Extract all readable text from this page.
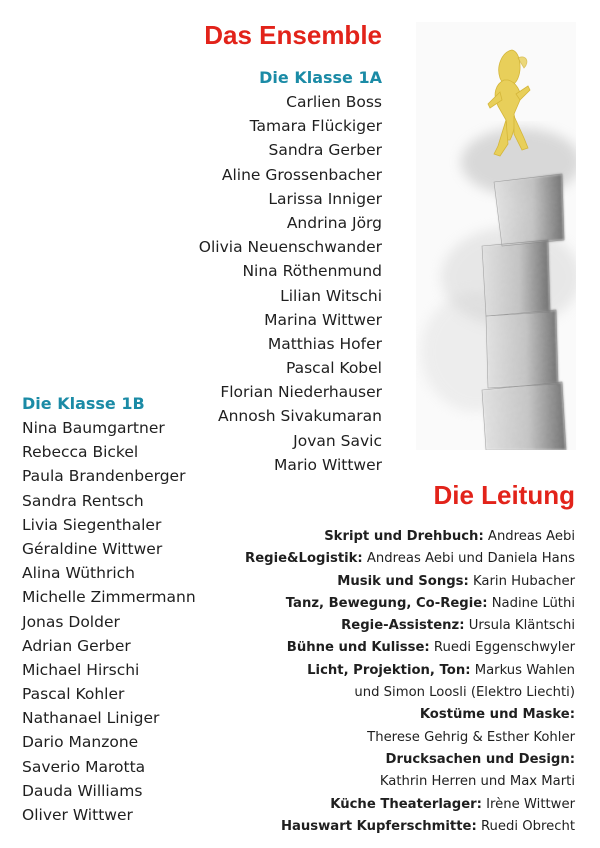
Das Ensemble
Die Klasse 1A
Carlien Boss
Tamara Flückiger
Sandra Gerber
Aline Grossenbacher
Larissa Inniger
Andrina Jörg
Olivia Neuenschwander
Nina Röthenmund
Lilian Witschi
Marina Wittwer
Matthias Hofer
Pascal Kobel
Florian Niederhauser
Annosh Sivakumaran
Jovan Savic
Mario Wittwer
Die Klasse 1B
Nina Baumgartner
Rebecca Bickel
Paula Brandenberger
Sandra Rentsch
Livia Siegenthaler
Géraldine Wittwer
Alina Wüthrich
Michelle Zimmermann
Jonas Dolder
Adrian Gerber
Michael Hirschi
Pascal Kohler
Nathanael Liniger
Dario Manzone
Saverio Marotta
Dauda Williams
Oliver Wittwer
Die Leitung
Skript und Drehbuch: Andreas Aebi
Regie&Logistik: Andreas Aebi und Daniela Hans
Musik und Songs: Karin Hubacher
Tanz, Bewegung, Co-Regie: Nadine Lüthi
Regie-Assistenz: Ursula Kläntschi
Bühne und Kulisse: Ruedi Eggenschwyler
Licht, Projektion, Ton: Markus Wahlen
und Simon Loosli (Elektro Liechti)
Kostüme und Maske:
Therese Gehrig & Esther Kohler
Drucksachen und Design:
Kathrin Herren und Max Marti
Küche Theaterlager: Irène Wittwer
Hauswart Kupferschmitte: Ruedi Obrecht
